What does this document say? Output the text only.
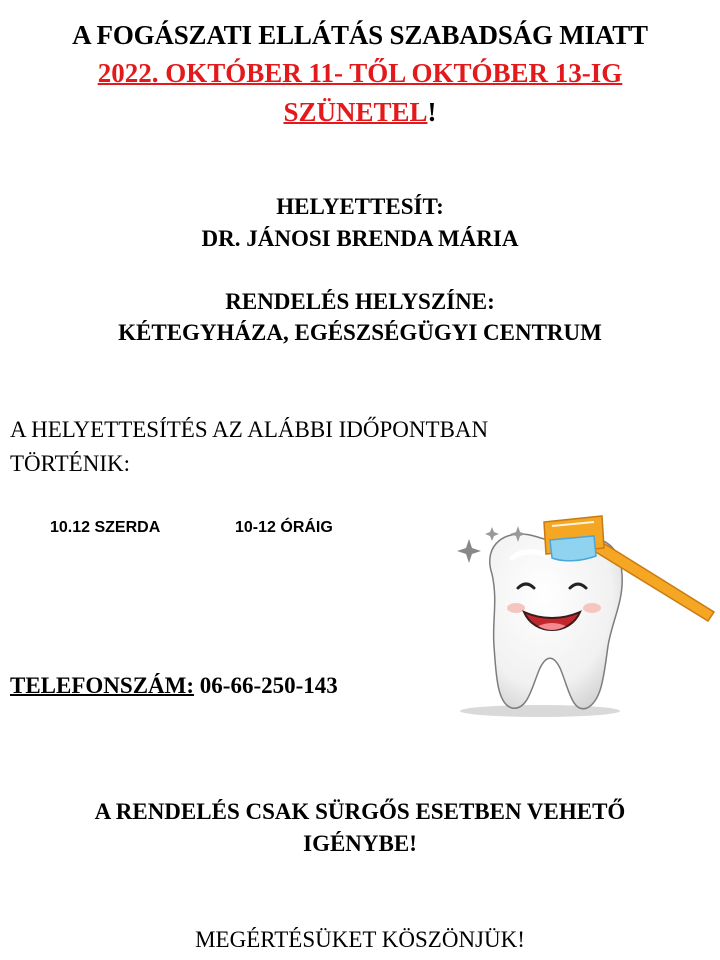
A FOGÁSZATI ELLÁTÁS SZABADSÁG MIATT
2022. OKTÓBER 11- TŐL OKTÓBER 13-IG
SZÜNETEL!
HELYETTESÍT:
DR. JÁNOSI BRENDA MÁRIA
RENDELÉS HELYSZÍNE:
KÉTEGYHÁZA, EGÉSZSÉGÜGYI CENTRUM
A HELYETTESÍTÉS AZ ALÁBBI IDŐPONTBAN
TÖRTÉNIK:
10.12 SZERDA	10-12 ÓRÁIG
TELEFONSZÁM: 06-66-250-143
A RENDELÉS CSAK SÜRGŐS ESETBEN VEHETŐ
IGÉNYBE!
MEGÉRTÉSÜKET KÖSZÖNJÜK!
